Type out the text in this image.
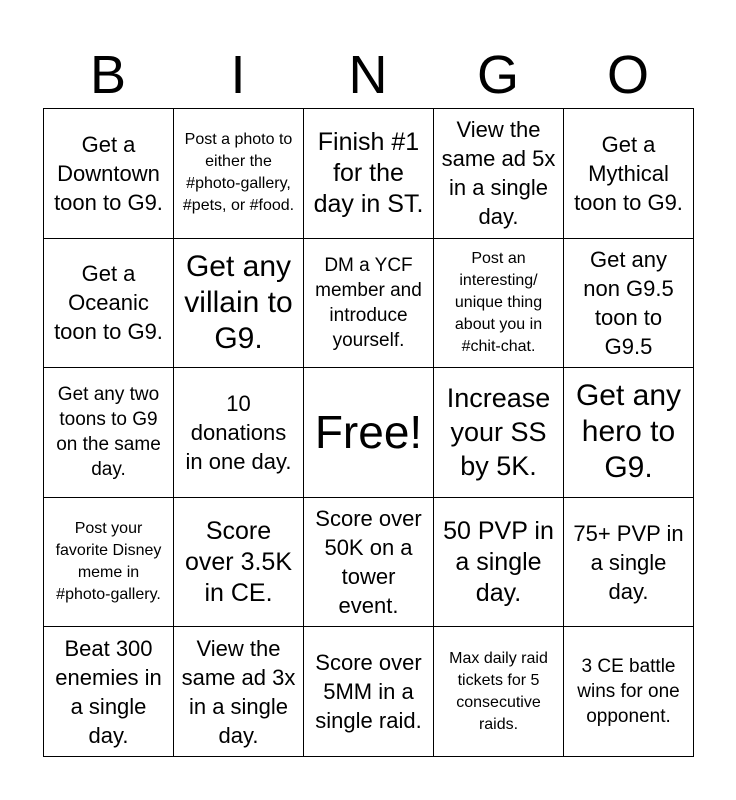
B	I	N	G	O
Get a Downtown toon to G9.	Post a photo to either the #photo-gallery, #pets, or #food.	Finish #1 for the day in ST.	View the same ad 5x in a single day.	Get a Mythical toon to G9.
Get a Oceanic toon to G9.	Get any villain to G9.	DM a YCF member and introduce yourself.	Post an interesting/ unique thing about you in #chit-chat.	Get any non G9.5 toon to G9.5
Get any two toons to G9 on the same day.	10 donations in one day.	Free!	Increase your SS by 5K.	Get any hero to G9.
Post your favorite Disney meme in #photo-gallery.	Score over 3.5K in CE.	Score over 50K on a tower event.	50 PVP in a single day.	75+ PVP in a single day.
Beat 300 enemies in a single day.	View the same ad 3x in a single day.	Score over 5MM in a single raid.	Max daily raid tickets for 5 consecutive raids.	3 CE battle wins for one opponent.
